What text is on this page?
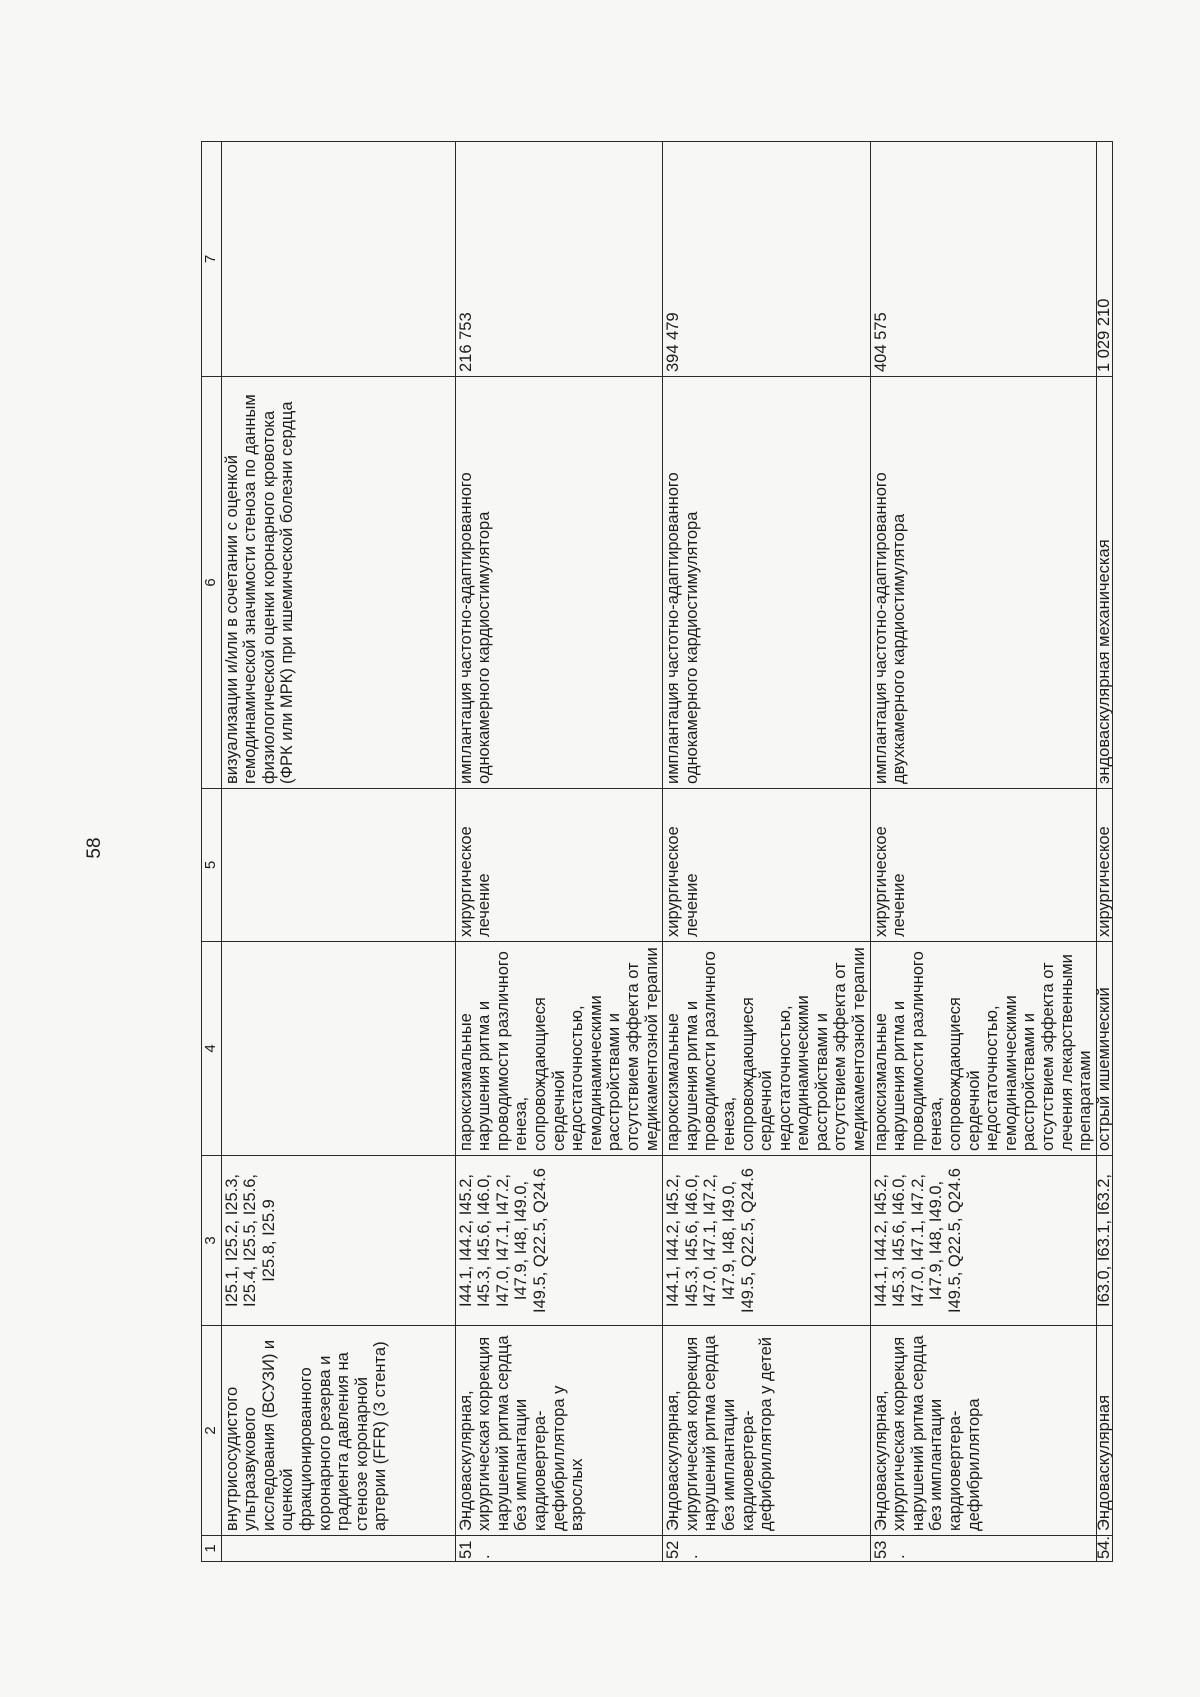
58
1	2	3	4	5	6	7
	внутрисосудистого ультразвукового исследования (ВСУЗИ) и оценкой фракционированного коронарного резерва и градиента давления на стенозе коронарной артерии (FFR) (3 стента)	I25.1, I25.2, I25.3, I25.4, I25.5, I25.6, I25.8, I25.9			визуализации и/или в сочетании с оценкой гемодинамической значимости стеноза по данным физиологической оценки коронарного кровотока (ФРК или МРК) при ишемической болезни сердца	
51.	Эндоваскулярная, хирургическая коррекция нарушений ритма сердца без имплантации кардиовертера-дефибриллятора у взрослых	I44.1, I44.2, I45.2, I45.3, I45.6, I46.0, I47.0, I47.1, I47.2, I47.9, I48, I49.0, I49.5, Q22.5, Q24.6	пароксизмальные нарушения ритма и проводимости различного генеза, сопровождающиеся сердечной недостаточностью, гемодинамическими расстройствами и отсутствием эффекта от медикаментозной терапии	хирургическое лечение	имплантация частотно-адаптированного однокамерного кардиостимулятора	216 753
52.	Эндоваскулярная, хирургическая коррекция нарушений ритма сердца без имплантации кардиовертера-дефибриллятора у детей	I44.1, I44.2, I45.2, I45.3, I45.6, I46.0, I47.0, I47.1, I47.2, I47.9, I48, I49.0, I49.5, Q22.5, Q24.6	пароксизмальные нарушения ритма и проводимости различного генеза, сопровождающиеся сердечной недостаточностью, гемодинамическими расстройствами и отсутствием эффекта от медикаментозной терапии	хирургическое лечение	имплантация частотно-адаптированного однокамерного кардиостимулятора	394 479
53.	Эндоваскулярная, хирургическая коррекция нарушений ритма сердца без имплантации кардиовертера-дефибриллятора	I44.1, I44.2, I45.2, I45.3, I45.6, I46.0, I47.0, I47.1, I47.2, I47.9, I48, I49.0, I49.5, Q22.5, Q24.6	пароксизмальные нарушения ритма и проводимости различного генеза, сопровождающиеся сердечной недостаточностью, гемодинамическими расстройствами и отсутствием эффекта от лечения лекарственными препаратами	хирургическое лечение	имплантация частотно-адаптированного двухкамерного кардиостимулятора	404 575
54.	Эндоваскулярная	I63.0, I63.1, I63.2,	острый ишемический	хирургическое	эндоваскулярная механическая	1 029 210
